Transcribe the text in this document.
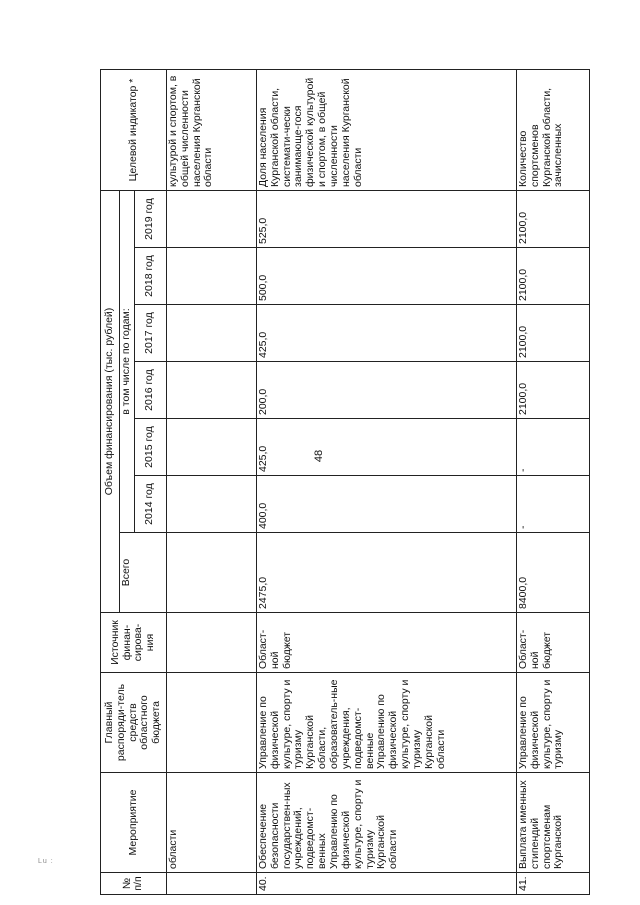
48
№ п/п	Мероприятие	Главный распоряди-тель средств областного бюджета	Источник финан-сирова-ния	Объем финансирования (тыс. рублей)							Целевой индикатор *
				Всего	в том числе по годам:						
					2014 год	2015 год	2016 год	2017 год	2018 год	2019 год	
	области										культурой и спортом, в общей численности населения Курганской области
40.	Обеспечение безопасности государствен-ных учреждений, подведомст-венных Управлению по физической культуре, спорту и туризму Курганской области	Управление по физической культуре, спорту и туризму Курганской области, образователь-ные учреждения, подведомст-венные Управлению по физической культуре, спорту и туризму Курганской области	Област-ной бюджет	2475,0	400,0	425,0	200,0	425,0	500,0	525,0	Доля населения Курганской области, системати-чески занимающе-гося физической культурой и спортом, в общей численности населения Курганской области
41.	Выплата именных стипендий спортсменам Курганской	Управление по физической культуре, спорту и туризму	Област-ной бюджет	8400,0	-	-	2100,0	2100,0	2100,0	2100,0	Количество спортсменов Курганской области, зачисленных
Lu :
